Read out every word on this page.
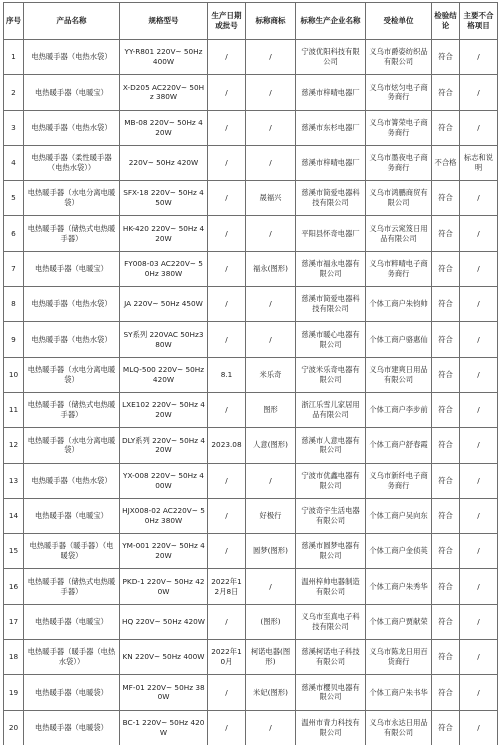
序号	产品名称	规格型号	生产日期或批号	标称商标	标称生产企业名称	受检单位	检验结论	主要不合格项目
1	电热暖手器（电热水袋）	YY-R801 220V~ 50Hz 400W	/	/	宁波优阳科技有限公司	义乌市爵姿纺织品有限公司	符合	/
2	电热暖手器（电暖宝）	X-D205 AC220V~ 50Hz 380W	/	/	慈溪市梓晴电器厂	义乌市炫匀电子商务商行	符合	/
3	电热暖手器（电热水袋）	MB-08 220V~ 50Hz 420W	/	/	慈溪市东杉电器厂	义乌市箐荣电子商务商行	符合	/
4	电热暖手器（柔性暖手器（电热水袋））	220V~ 50Hz 420W	/	/	慈溪市梓晴电器厂	义乌市墨夜电子商务商行	不合格	标志和说明
5	电热暖手器（水电分离电暖袋）	SFX-18 220V~ 50Hz 450W	/	晟福兴	慈溪市简爱电器科技有限公司	义乌市鸿鹏商贸有限公司	符合	/
6	电热暖手器（储热式电热暖手器）	HK-420 220V~ 50Hz 420W	/	/	平阳县怀奇电器厂	义乌市云窕笈日用品有限公司	符合	/
7	电热暖手器（电暖宝）	FY008-03 AC220V~ 50Hz 380W	/	福永(图形)	慈溪市福永电器有限公司	义乌市粹晴电子商务商行	符合	/
8	电热暖手器（电热水袋）	JA 220V~ 50Hz 450W	/	/	慈溪市简爱电器科技有限公司	个体工商户朱钧帅	符合	/
9	电热暖手器（电热水袋）	SY系列 220VAC 50Hz380W	/	/	慈溪市暖心电器有限公司	个体工商户骆惠仙	符合	/
10	电热暖手器（水电分离电暖袋）	MLQ-500 220V~ 50Hz 420W	8.1	米乐奇	宁波米乐奇电器有限公司	义乌市建爽日用品有限公司	符合	/
11	电热暖手器（储热式电热暖手器）	LXE102 220V~ 50Hz 420W	/	图形	浙江乐雪儿家居用品有限公司	个体工商户李步前	符合	/
12	电热暖手器（水电分离电暖袋）	DLY系列 220V~ 50Hz 420W	2023.08	人意(图形)	慈溪市人意电器有限公司	个体工商户舒春霞	符合	/
13	电热暖手器（电热水袋）	YX-008 220V~ 50Hz 400W	/	/	宁波市优鑫电器有限公司	义乌市新纤电子商务商行	符合	/
14	电热暖手器（电暖宝）	HJX008-02 AC220V~ 50Hz 380W	/	好极行	宁波奇宇生活电器有限公司	个体工商户吴向东	符合	/
15	电热暖手器（暖手器）（电暖袋）	YM-001 220V~ 50Hz 420W	/	圆梦(图形)	慈溪市圆梦电器有限公司	个体工商户金侦英	符合	/
16	电热暖手器（储热式电热暖手器）	PKD-1 220V~ 50Hz 420W	2022年12月8日	/	温州梓帅电器制造有限公司	个体工商户朱秀华	符合	/
17	电热暖手器（电暖宝）	HQ 220V~ 50Hz 420W	/	(图形)	义乌市至真电子科技有限公司	个体工商户贾献荣	符合	/
18	电热暖手器（暖手器（电热水袋））	KN 220V~ 50Hz 400W	2022年10月	柯诺电器(图形)	慈溪柯诺电子科技有限公司	义乌市陈龙日用百货商行	符合	/
19	电热暖手器（电暖袋）	MF-01 220V~ 50Hz 380W	/	米妃(图形)	慈溪市樱贝电器有限公司	个体工商户朱书华	符合	/
20	电热暖手器（电暖袋）	BC-1 220V~ 50Hz 420W	/	/	温州市青力科技有限公司	义乌市永达日用品有限公司	符合	/
